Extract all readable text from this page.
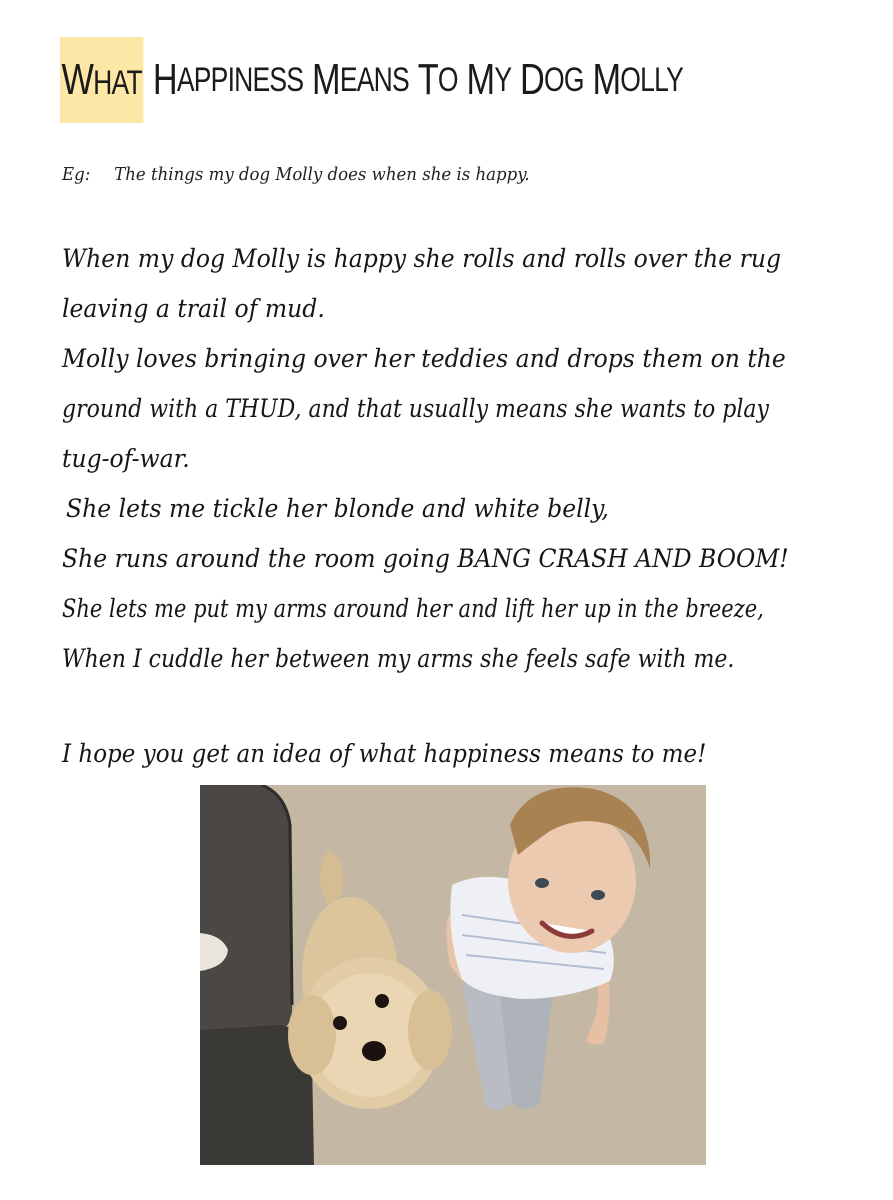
WHAT H APPINESS
M EANS
T O
M Y
D OG
M OLLY
Eg: The things my dog Molly does when she is happy.
When my dog Molly is happy she rolls and rolls over the rug
leaving a trail of mud.
Molly loves bringing over her teddies and drops them on the
ground with a THUD, and that usually means she wants to play
tug-of-war.
She lets me tickle her blonde and white belly,
She runs around the room going BANG CRASH AND BOOM!
She lets me put my arms around her and lift her up in the breeze,
When I cuddle her between my arms she feels safe with me.
I hope you get an idea of what happiness means to me!
